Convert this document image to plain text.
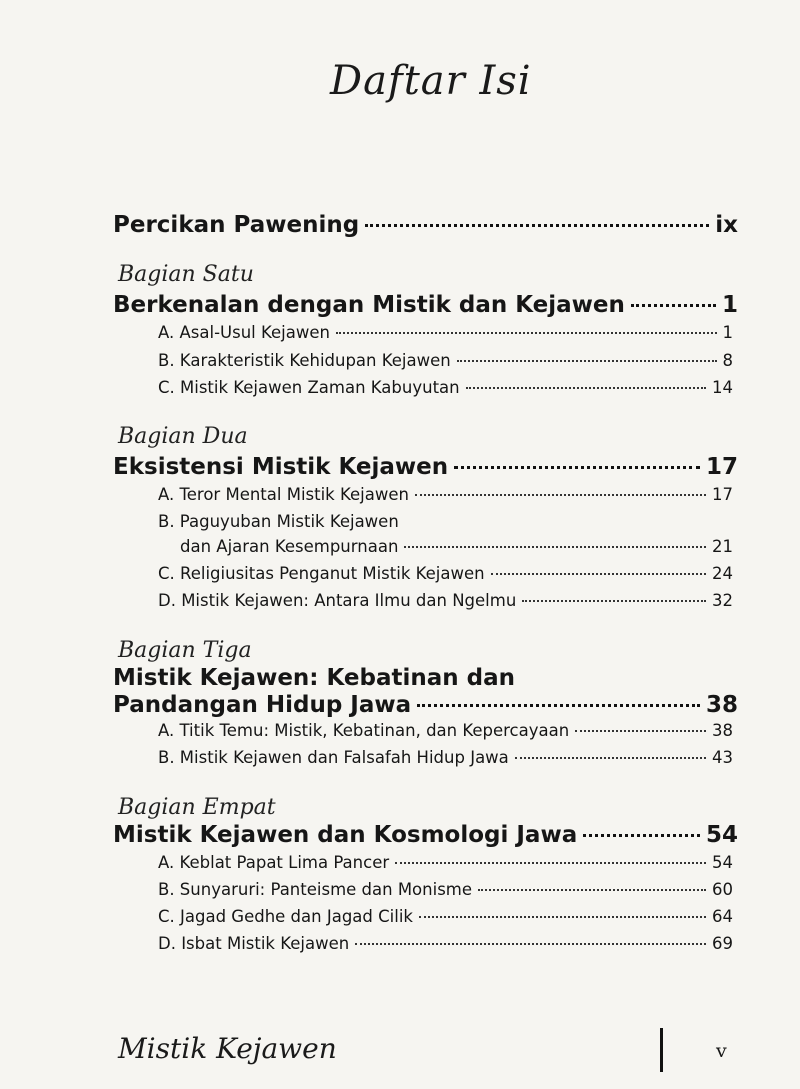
Daftar Isi
Percikan Pawening	ix
Bagian Satu
Berkenalan dengan Mistik dan Kejawen	1
A. Asal-Usul Kejawen	1
B. Karakteristik Kehidupan Kejawen	8
C. Mistik Kejawen Zaman Kabuyutan	14
Bagian Dua
Eksistensi Mistik Kejawen	17
A. Teror Mental Mistik Kejawen	17
B. Paguyuban Mistik Kejawen
dan Ajaran Kesempurnaan	21
C. Religiusitas Penganut Mistik Kejawen	24
D. Mistik Kejawen: Antara Ilmu dan Ngelmu	32
Bagian Tiga
Mistik Kejawen: Kebatinan dan
Pandangan Hidup Jawa	38
A. Titik Temu: Mistik, Kebatinan, dan Kepercayaan	38
B. Mistik Kejawen dan Falsafah Hidup Jawa	43
Bagian Empat
Mistik Kejawen dan Kosmologi Jawa	54
A. Keblat Papat Lima Pancer	54
B. Sunyaruri: Panteisme dan Monisme	60
C. Jagad Gedhe dan Jagad Cilik	64
D. Isbat Mistik Kejawen	69
Mistik Kejawen	v
